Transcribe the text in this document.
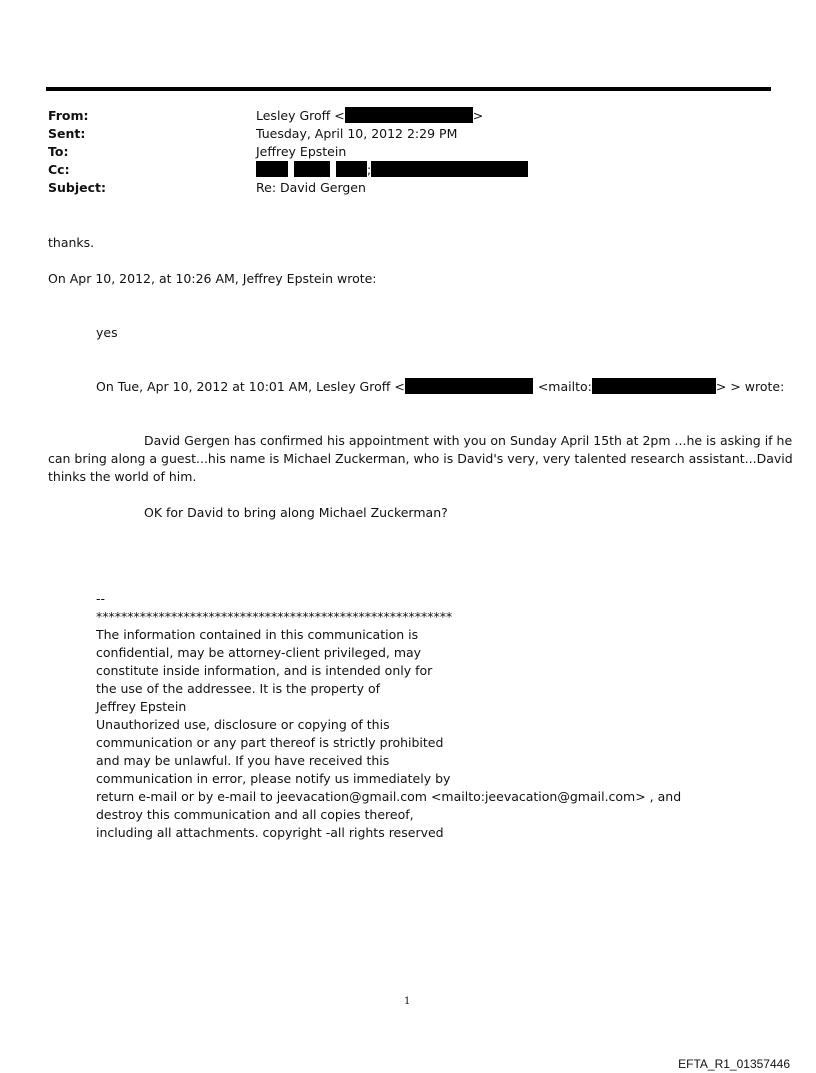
From:	Lesley Groff <	>
Sent:	Tuesday, April 10, 2012 2:29 PM
To:	Jeffrey Epstein
Cc:	;
Subject:	Re: David Gergen
thanks.
On Apr 10, 2012, at 10:26 AM, Jeffrey Epstein wrote:
yes
On Tue, Apr 10, 2012 at 10:01 AM, Lesley Groff <	<mailto:	> > wrote:
David Gergen has confirmed his appointment with you on Sunday April 15th at 2pm ...he is asking if he
can bring along a guest...his name is Michael Zuckerman, who is David's very, very talented research assistant...David
thinks the world of him.
OK for David to bring along Michael Zuckerman?
--
*********************************************************
The information contained in this communication is
confidential, may be attorney-client privileged, may
constitute inside information, and is intended only for
the use of the addressee. It is the property of
Jeffrey Epstein
Unauthorized use, disclosure or copying of this
communication or any part thereof is strictly prohibited
and may be unlawful. If you have received this
communication in error, please notify us immediately by
return e-mail or by e-mail to jeevacation@gmail.com <mailto:jeevacation@gmail.com> , and
destroy this communication and all copies thereof,
including all attachments. copyright -all rights reserved
1
EFTA_R1_01357446
